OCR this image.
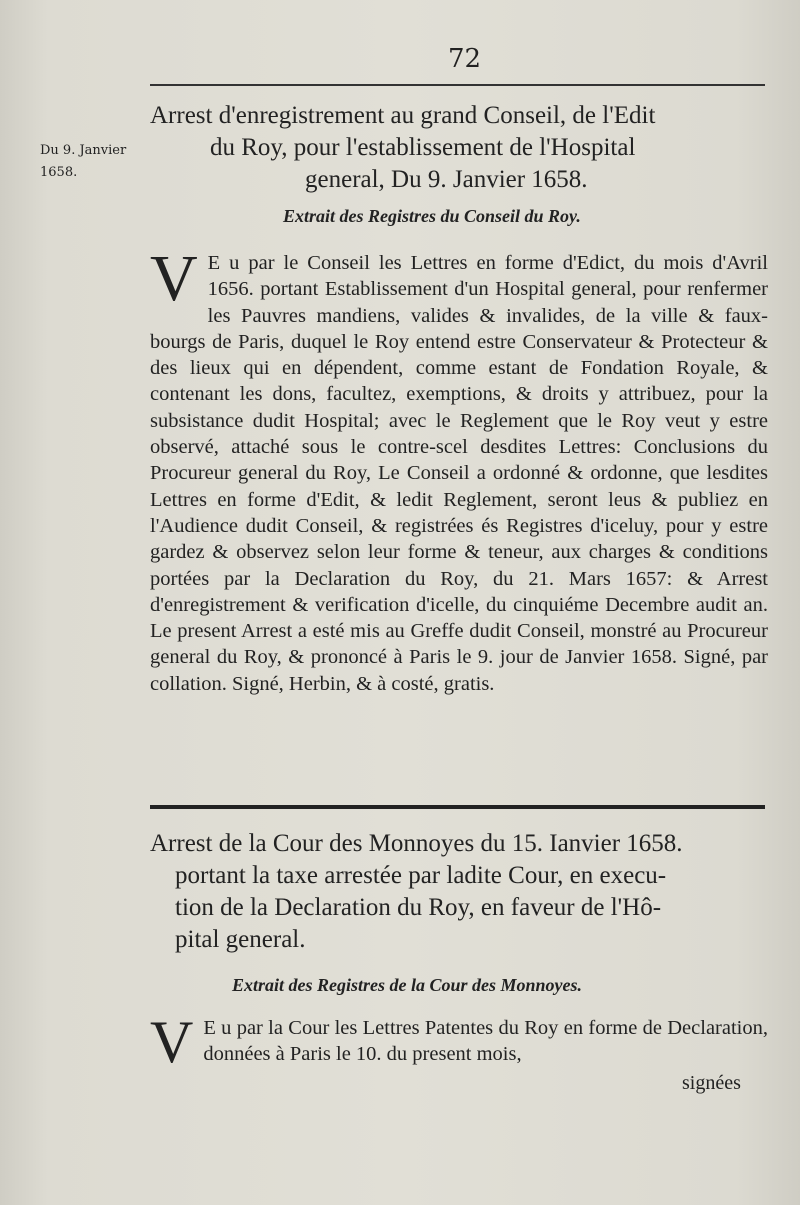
72
Du 9. Janvier
1658.
Arrest d'enregistrement au grand Conseil, de l'Edit
du Roy, pour l'establissement de l'Hospital
general, Du 9. Janvier 1658.
Extrait des Registres du Conseil du Roy.
V E u par le Conseil les Lettres en forme d'Edict, du mois d'Avril 1656. portant Establissement d'un Hospital general, pour renfermer les Pauvres mandiens, valides & invalides, de la ville & faux-bourgs de Paris, duquel le Roy entend estre Conservateur & Protecteur & des lieux qui en dépendent, comme estant de Fondation Royale, & contenant les dons, facultez, exemptions, & droits y attribuez, pour la subsistance dudit Hospital; avec le Reglement que le Roy veut y estre observé, attaché sous le contre-scel desdites Lettres: Conclusions du Procureur general du Roy, Le Conseil a ordonné & ordonne, que lesdites Lettres en forme d'Edit, & ledit Reglement, seront leus & publiez en l'Audience dudit Conseil, & registrées és Registres d'iceluy, pour y estre gardez & observez selon leur forme & teneur, aux charges & conditions portées par la Declaration du Roy, du 21. Mars 1657: & Arrest d'enregistrement & verification d'icelle, du cinquiéme Decembre audit an. Le present Arrest a esté mis au Greffe dudit Conseil, monstré au Procureur general du Roy, & prononcé à Paris le 9. jour de Janvier 1658. Signé, par collation. Signé, Herbin, & à costé, gratis.
Arrest de la Cour des Monnoyes du 15. Ianvier 1658.
portant la taxe arrestée par ladite Cour, en execu-
tion de la Declaration du Roy, en faveur de l'Hô-
pital general.
Extrait des Registres de la Cour des Monnoyes.
V E u par la Cour les Lettres Patentes du Roy en forme de Declaration, données à Paris le 10. du present mois,
signées
